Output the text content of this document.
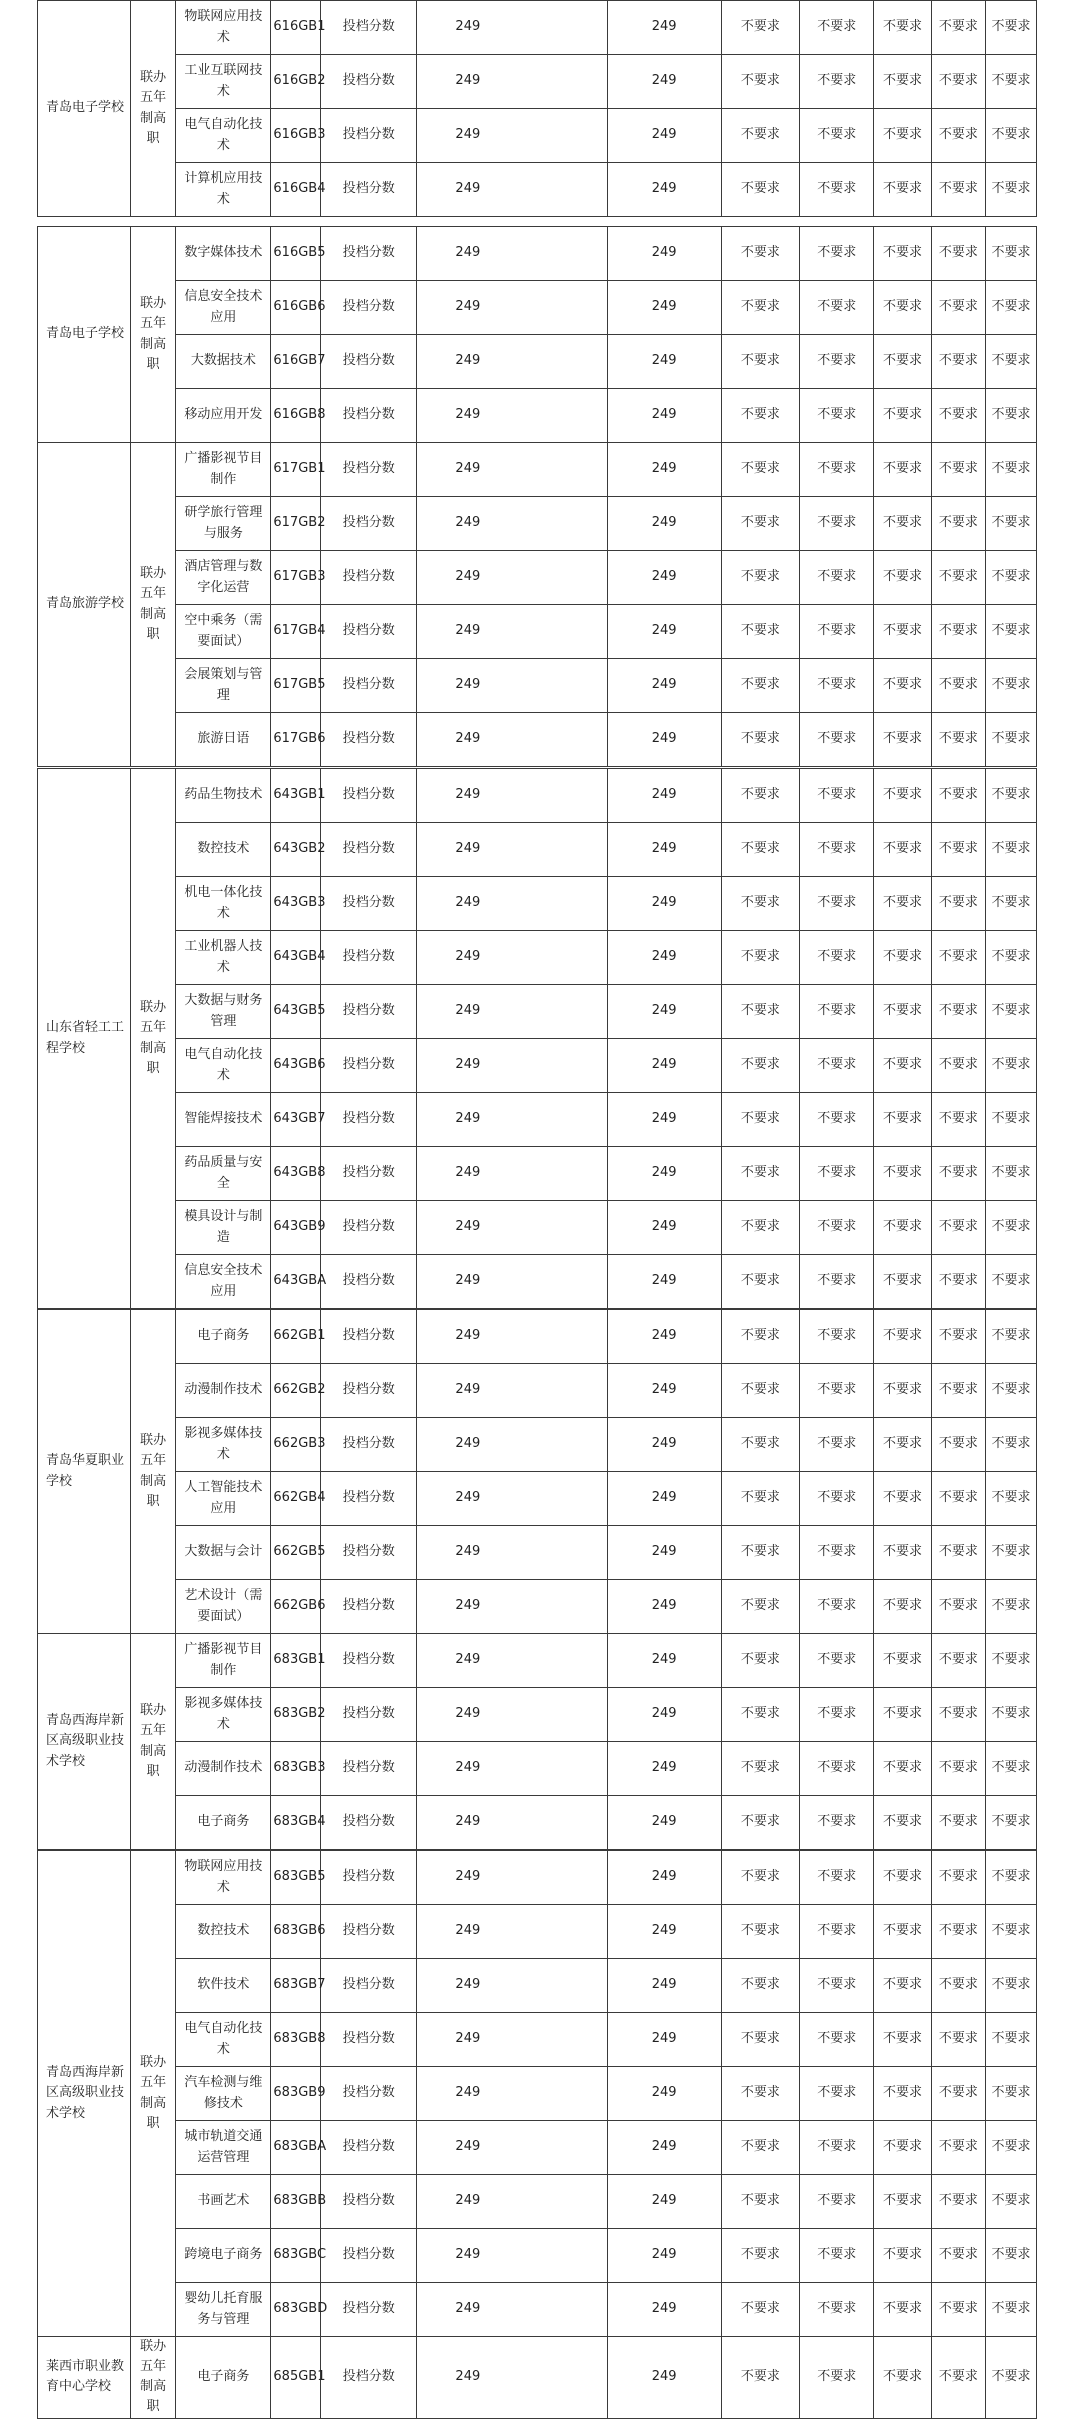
青岛电子学校	联办五年制高职	物联网应用技术	616GB1	投档分数	249	249	不要求	不要求	不要求	不要求	不要求
		工业互联网技术	616GB2	投档分数	249	249	不要求	不要求	不要求	不要求	不要求
		电气自动化技术	616GB3	投档分数	249	249	不要求	不要求	不要求	不要求	不要求
		计算机应用技术	616GB4	投档分数	249	249	不要求	不要求	不要求	不要求	不要求
青岛电子学校	联办五年制高职	数字媒体技术	616GB5	投档分数	249	249	不要求	不要求	不要求	不要求	不要求
		信息安全技术应用	616GB6	投档分数	249	249	不要求	不要求	不要求	不要求	不要求
		大数据技术	616GB7	投档分数	249	249	不要求	不要求	不要求	不要求	不要求
		移动应用开发	616GB8	投档分数	249	249	不要求	不要求	不要求	不要求	不要求
青岛旅游学校	联办五年制高职	广播影视节目制作	617GB1	投档分数	249	249	不要求	不要求	不要求	不要求	不要求
		研学旅行管理与服务	617GB2	投档分数	249	249	不要求	不要求	不要求	不要求	不要求
		酒店管理与数字化运营	617GB3	投档分数	249	249	不要求	不要求	不要求	不要求	不要求
		空中乘务（需要面试）	617GB4	投档分数	249	249	不要求	不要求	不要求	不要求	不要求
		会展策划与管理	617GB5	投档分数	249	249	不要求	不要求	不要求	不要求	不要求
		旅游日语	617GB6	投档分数	249	249	不要求	不要求	不要求	不要求	不要求
山东省轻工工程学校	联办五年制高职	药品生物技术	643GB1	投档分数	249	249	不要求	不要求	不要求	不要求	不要求
		数控技术	643GB2	投档分数	249	249	不要求	不要求	不要求	不要求	不要求
		机电一体化技术	643GB3	投档分数	249	249	不要求	不要求	不要求	不要求	不要求
		工业机器人技术	643GB4	投档分数	249	249	不要求	不要求	不要求	不要求	不要求
		大数据与财务管理	643GB5	投档分数	249	249	不要求	不要求	不要求	不要求	不要求
		电气自动化技术	643GB6	投档分数	249	249	不要求	不要求	不要求	不要求	不要求
		智能焊接技术	643GB7	投档分数	249	249	不要求	不要求	不要求	不要求	不要求
		药品质量与安全	643GB8	投档分数	249	249	不要求	不要求	不要求	不要求	不要求
		模具设计与制造	643GB9	投档分数	249	249	不要求	不要求	不要求	不要求	不要求
		信息安全技术应用	643GBA	投档分数	249	249	不要求	不要求	不要求	不要求	不要求
青岛华夏职业学校	联办五年制高职	电子商务	662GB1	投档分数	249	249	不要求	不要求	不要求	不要求	不要求
		动漫制作技术	662GB2	投档分数	249	249	不要求	不要求	不要求	不要求	不要求
		影视多媒体技术	662GB3	投档分数	249	249	不要求	不要求	不要求	不要求	不要求
		人工智能技术应用	662GB4	投档分数	249	249	不要求	不要求	不要求	不要求	不要求
		大数据与会计	662GB5	投档分数	249	249	不要求	不要求	不要求	不要求	不要求
		艺术设计（需要面试）	662GB6	投档分数	249	249	不要求	不要求	不要求	不要求	不要求
青岛西海岸新区高级职业技术学校	联办五年制高职	广播影视节目制作	683GB1	投档分数	249	249	不要求	不要求	不要求	不要求	不要求
		影视多媒体技术	683GB2	投档分数	249	249	不要求	不要求	不要求	不要求	不要求
		动漫制作技术	683GB3	投档分数	249	249	不要求	不要求	不要求	不要求	不要求
		电子商务	683GB4	投档分数	249	249	不要求	不要求	不要求	不要求	不要求
青岛西海岸新区高级职业技术学校	联办五年制高职	物联网应用技术	683GB5	投档分数	249	249	不要求	不要求	不要求	不要求	不要求
		数控技术	683GB6	投档分数	249	249	不要求	不要求	不要求	不要求	不要求
		软件技术	683GB7	投档分数	249	249	不要求	不要求	不要求	不要求	不要求
		电气自动化技术	683GB8	投档分数	249	249	不要求	不要求	不要求	不要求	不要求
		汽车检测与维修技术	683GB9	投档分数	249	249	不要求	不要求	不要求	不要求	不要求
		城市轨道交通运营管理	683GBA	投档分数	249	249	不要求	不要求	不要求	不要求	不要求
		书画艺术	683GBB	投档分数	249	249	不要求	不要求	不要求	不要求	不要求
		跨境电子商务	683GBC	投档分数	249	249	不要求	不要求	不要求	不要求	不要求
		婴幼儿托育服务与管理	683GBD	投档分数	249	249	不要求	不要求	不要求	不要求	不要求
莱西市职业教育中心学校	联办五年制高职	电子商务	685GB1	投档分数	249	249	不要求	不要求	不要求	不要求	不要求
